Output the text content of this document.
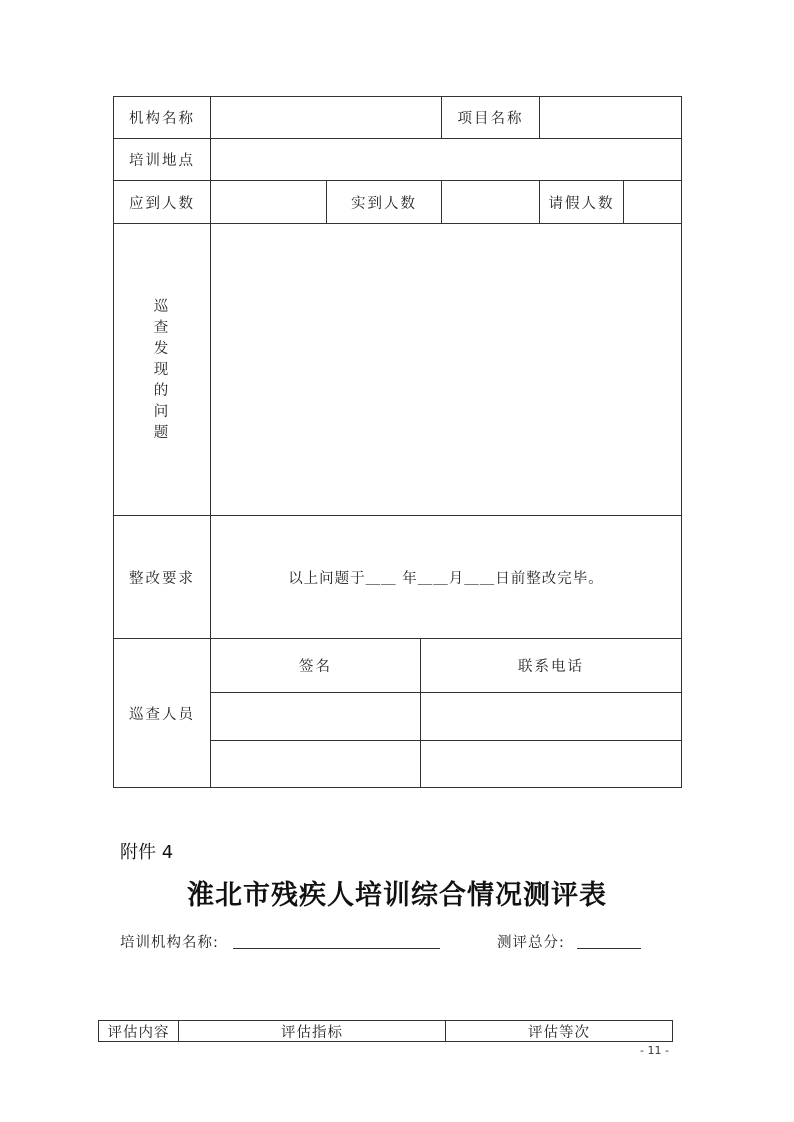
机构名称	项目名称
培训地点
应到人数	实到人数	请假人数
巡
查
发
现
的
问
题
整改要求	以上问题于＿＿ 年＿＿月＿＿日前整改完毕。
巡查人员
签名	联系电话
附件 4
淮北市残疾人培训综合情况测评表
培训机构名称:	测评总分:
评估内容	评估指标	评估等次
- 11 -
